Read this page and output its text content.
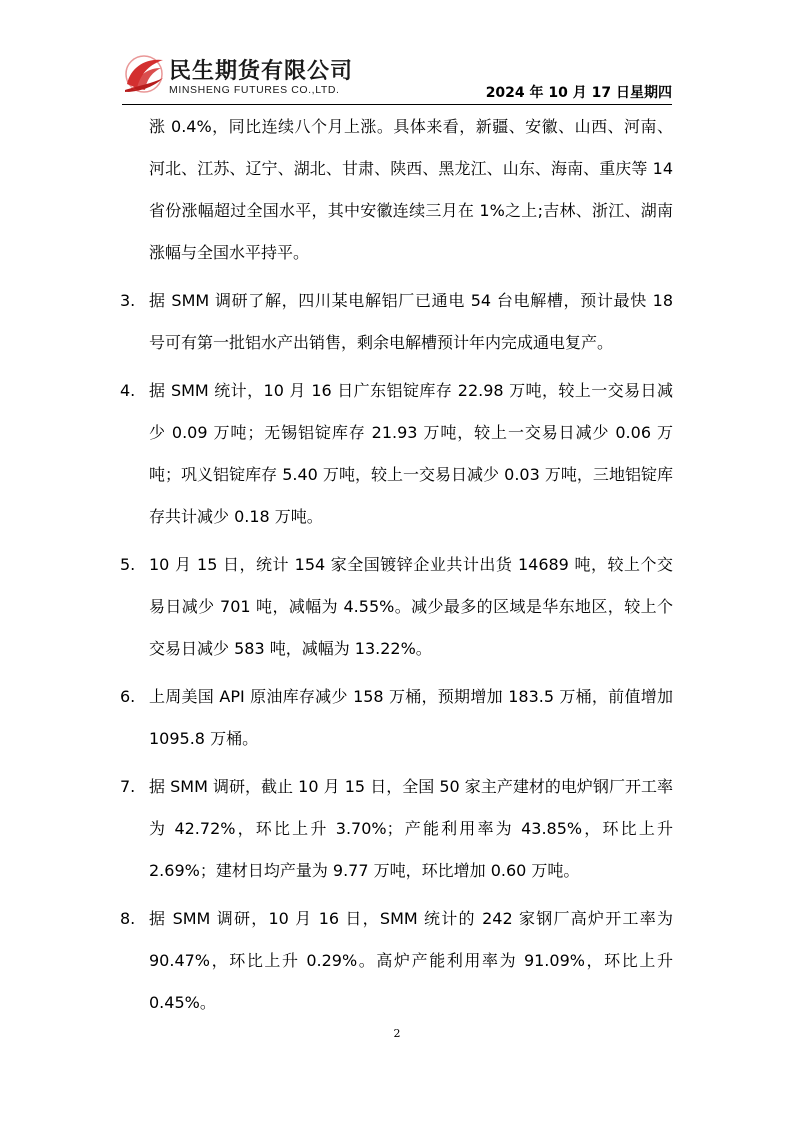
民生期货有限公司
MINSHENG FUTURES CO.,LTD.	2024 年 10 月 17 日星期四

涨 0.4%，同比连续八个月上涨。具体来看，新疆、安徽、山西、河南、河北、江苏、辽宁、湖北、甘肃、陕西、黑龙江、山东、海南、重庆等 14 省份涨幅超过全国水平，其中安徽连续三月在 1%之上;吉林、浙江、湖南涨幅与全国水平持平。

3. 据 SMM 调研了解，四川某电解铝厂已通电 54 台电解槽，预计最快 18 号可有第一批铝水产出销售，剩余电解槽预计年内完成通电复产。

4. 据 SMM 统计，10 月 16 日广东铝锭库存 22.98 万吨，较上一交易日减少 0.09 万吨；无锡铝锭库存 21.93 万吨，较上一交易日减少 0.06 万吨；巩义铝锭库存 5.40 万吨，较上一交易日减少 0.03 万吨，三地铝锭库存共计减少 0.18 万吨。

5. 10 月 15 日，统计 154 家全国镀锌企业共计出货 14689 吨，较上个交易日减少 701 吨，减幅为 4.55%。减少最多的区域是华东地区，较上个交易日减少 583 吨，减幅为 13.22%。

6. 上周美国 API 原油库存减少 158 万桶，预期增加 183.5 万桶，前值增加 1095.8 万桶。

7. 据 SMM 调研，截止 10 月 15 日，全国 50 家主产建材的电炉钢厂开工率为 42.72%，环比上升 3.70%；产能利用率为 43.85%，环比上升 2.69%；建材日均产量为 9.77 万吨，环比增加 0.60 万吨。

8. 据 SMM 调研，10 月 16 日，SMM 统计的 242 家钢厂高炉开工率为 90.47%，环比上升 0.29%。高炉产能利用率为 91.09%，环比上升 0.45%。

2
